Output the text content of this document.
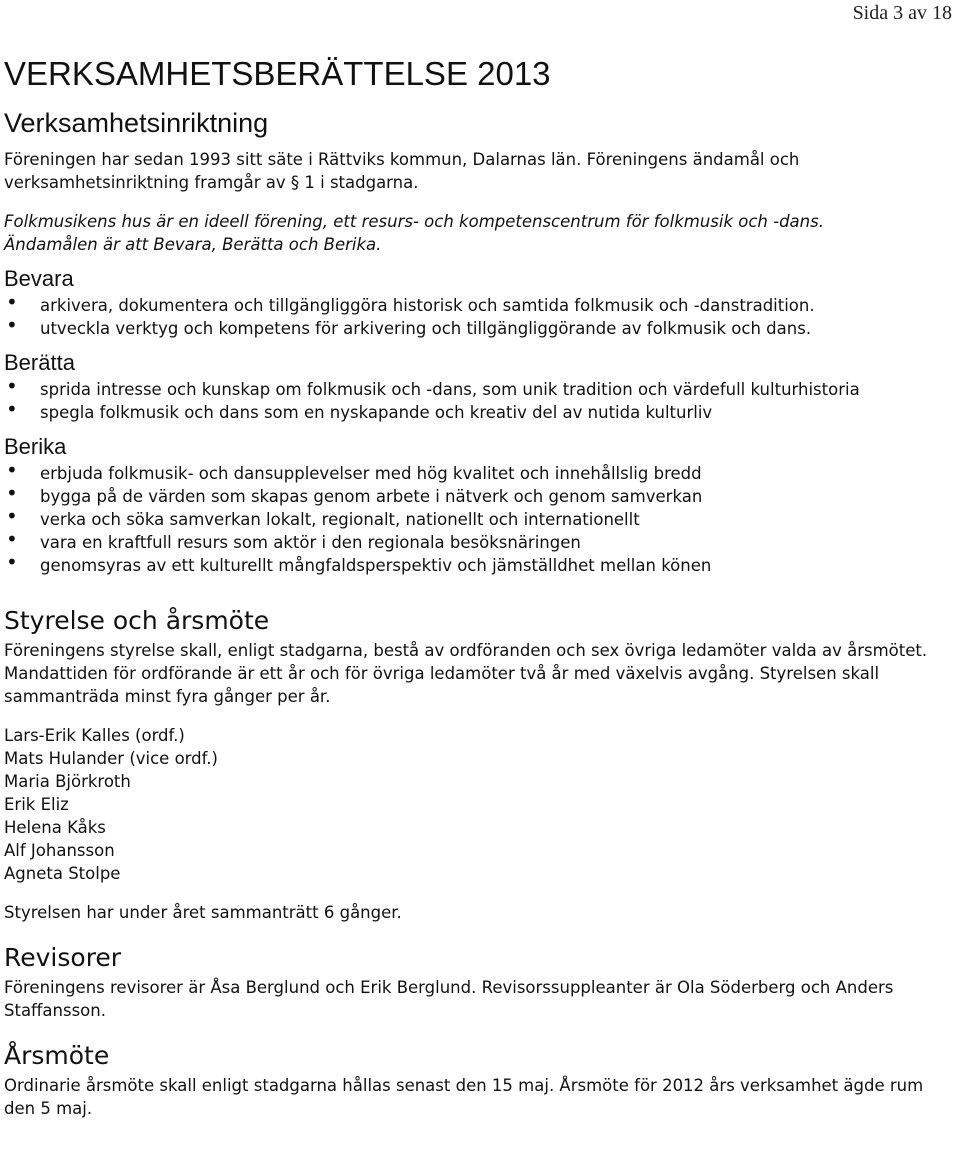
Sida 3 av 18
VERKSAMHETSBERÄTTELSE 2013
Verksamhetsinriktning

Föreningen har sedan 1993 sitt säte i Rättviks kommun, Dalarnas län. Föreningens ändamål och verksamhetsinriktning framgår av § 1 i stadgarna.

Folkmusikens hus är en ideell förening, ett resurs- och kompetenscentrum för folkmusik och -dans.

Ändamålen är att Bevara, Berätta och Berika.

Bevara
• arkivera, dokumentera och tillgängliggöra historisk och samtida folkmusik och -danstradition.
• utveckla verktyg och kompetens för arkivering och tillgängliggörande av folkmusik och dans.
Berätta
• sprida intresse och kunskap om folkmusik och -dans, som unik tradition och värdefull kulturhistoria
• spegla folkmusik och dans som en nyskapande och kreativ del av nutida kulturliv
Berika
• erbjuda folkmusik- och dansupplevelser med hög kvalitet och innehållslig bredd
• bygga på de värden som skapas genom arbete i nätverk och genom samverkan
• verka och söka samverkan lokalt, regionalt, nationellt och internationellt
• vara en kraftfull resurs som aktör i den regionala besöksnäringen
• genomsyras av ett kulturellt mångfaldsperspektiv och jämställdhet mellan könen
Styrelse och årsmöte

Föreningens styrelse skall, enligt stadgarna, bestå av ordföranden och sex övriga ledamöter valda av årsmötet. Mandattiden för ordförande är ett år och för övriga ledamöter två år med växelvis avgång. Styrelsen skall sammanträda minst fyra gånger per år.

Lars-Erik Kalles (ordf.)
Mats Hulander (vice ordf.)
Maria Björkroth
Erik Eliz
Helena Kåks
Alf Johansson
Agneta Stolpe

Styrelsen har under året sammanträtt 6 gånger.

Revisorer

Föreningens revisorer är Åsa Berglund och Erik Berglund. Revisorssuppleanter är Ola Söderberg och Anders Staffansson.

Årsmöte

Ordinarie årsmöte skall enligt stadgarna hållas senast den 15 maj. Årsmöte för 2012 års verksamhet ägde rum den 5 maj.
